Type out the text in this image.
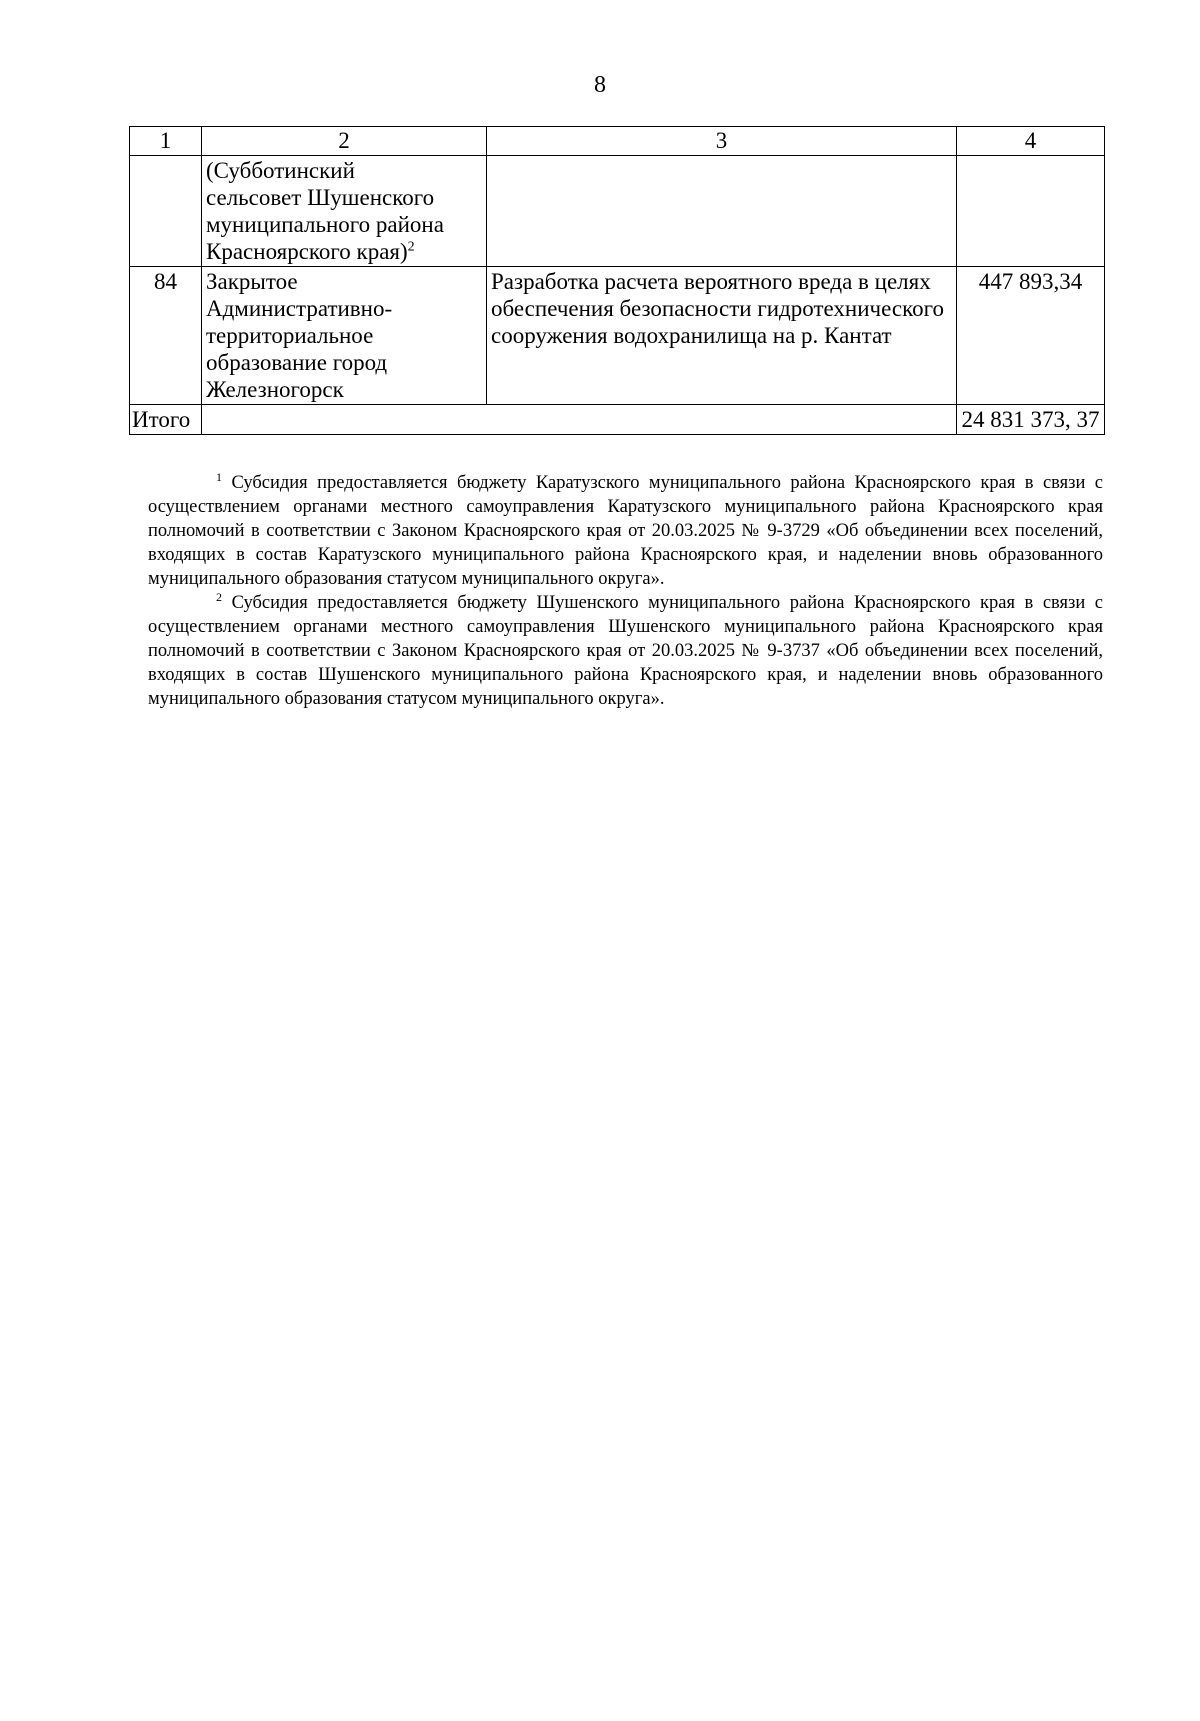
8
1	2	3	4
	(Субботинский сельсовет Шушенского муниципального района Красноярского края)$^2$		
84	Закрытое Административно-территориальное образование город Железногорск	Разработка расчета вероятного вреда в целях обеспечения безопасности гидротехнического сооружения водохранилища на р. Кантат	447 893,34
Итого			24 831 373, 37

$^1$ Субсидия предоставляется бюджету Каратузского муниципального района Красноярского края в связи с осуществлением органами местного самоуправления Каратузского муниципального района Красноярского края полномочий в соответствии с Законом Красноярского края от 20.03.2025 № 9-3729 «Об объединении всех поселений, входящих в состав Каратузского муниципального района Красноярского края, и наделении вновь образованного муниципального образования статусом муниципального округа».

$^2$ Субсидия предоставляется бюджету Шушенского муниципального района Красноярского края в связи с осуществлением органами местного самоуправления Шушенского муниципального района Красноярского края полномочий в соответствии с Законом Красноярского края от 20.03.2025 № 9-3737 «Об объединении всех поселений, входящих в состав Шушенского муниципального района Красноярского края, и наделении вновь образованного муниципального образования статусом муниципального округа».
